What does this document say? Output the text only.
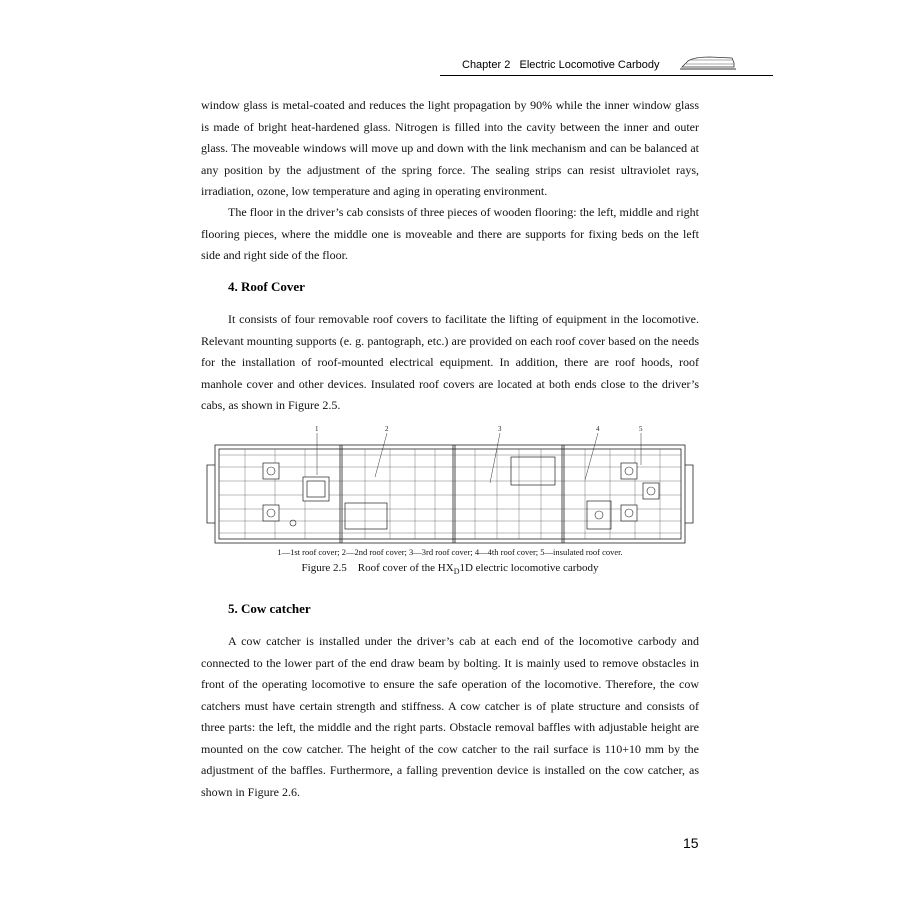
Chapter 2 Electric Locomotive Carbody

window glass is metal-coated and reduces the light propagation by 90% while the inner window glass is made of bright heat-hardened glass. Nitrogen is filled into the cavity between the inner and outer glass. The moveable windows will move up and down with the link mechanism and can be balanced at any position by the adjustment of the spring force. The sealing strips can resist ultraviolet rays, irradiation, ozone, low temperature and aging in operating environment.

The floor in the driver’s cab consists of three pieces of wooden flooring: the left, middle and right flooring pieces, where the middle one is moveable and there are supports for fixing beds on the left side and right side of the floor.

4. Roof Cover

It consists of four removable roof covers to facilitate the lifting of equipment in the locomotive. Relevant mounting supports (e. g. pantograph, etc.) are provided on each roof cover based on the needs for the installation of roof-mounted electrical equipment. In addition, there are roof hoods, roof manhole cover and other devices. Insulated roof covers are located at both ends close to the driver’s cabs, as shown in Figure 2.5.

1	2	3	4	5
1—1st roof cover; 2—2nd roof cover; 3—3rd roof cover; 4—4th roof cover; 5—insulated roof cover.
Figure 2.5    Roof cover of the $HX_D1D$ electric locomotive carbody
5. Cow catcher

A cow catcher is installed under the driver’s cab at each end of the locomotive carbody and connected to the lower part of the end draw beam by bolting. It is mainly used to remove obstacles in front of the operating locomotive to ensure the safe operation of the locomotive. Therefore, the cow catchers must have certain strength and stiffness. A cow catcher is of plate structure and consists of three parts: the left, the middle and the right parts. Obstacle removal baffles with adjustable height are mounted on the cow catcher. The height of the cow catcher to the rail surface is 110+10 mm by the adjustment of the baffles. Furthermore, a falling prevention device is installed on the cow catcher, as shown in Figure 2.6.

15
